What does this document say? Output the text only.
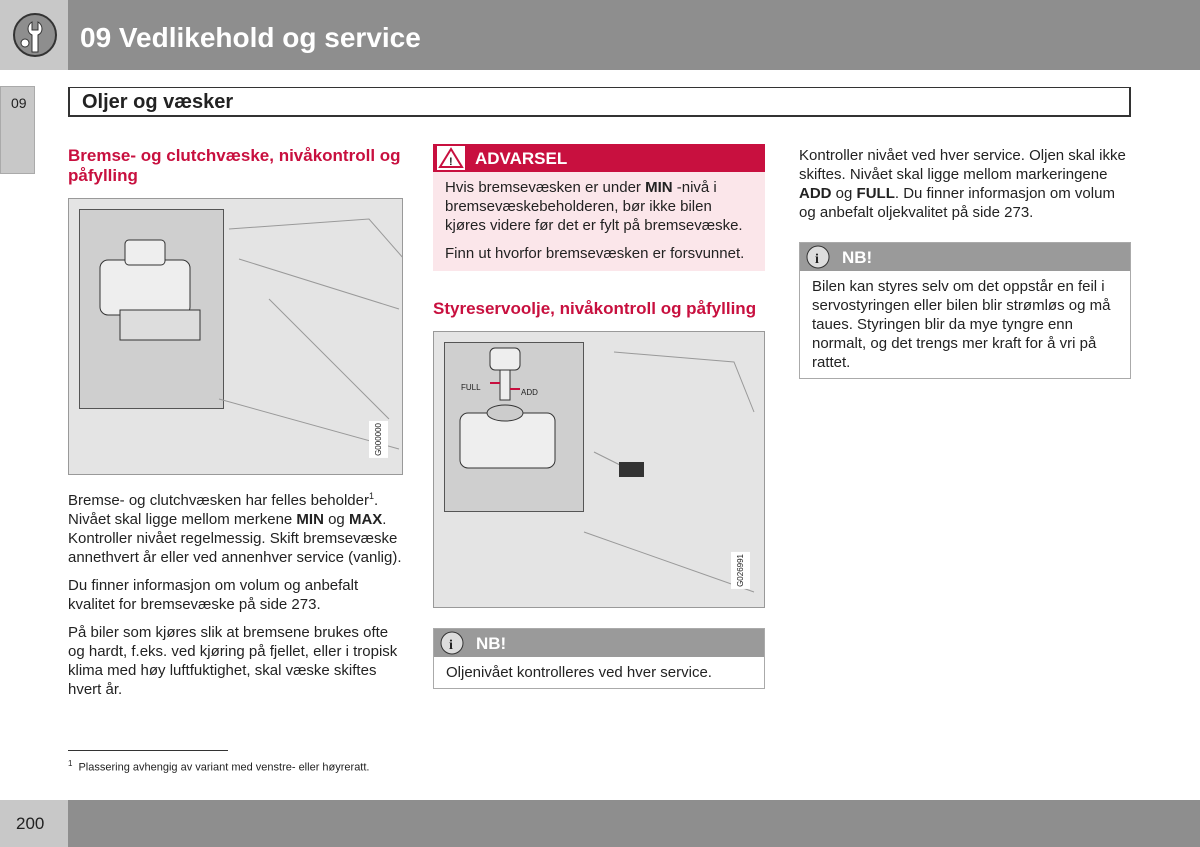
09 Vedlikehold og service
09	Oljer og væsker
Bremse- og clutchvæske, nivåkontroll og påfylling
G000000

Bremse- og clutchvæsken har felles beholder$^1$. Nivået skal ligge mellom merkene MIN og MAX. Kontroller nivået regelmessig. Skift bremsevæske annethvert år eller ved annenhver service (vanlig).

Du finner informasjon om volum og anbefalt kvalitet for bremsevæske på side 273.

På biler som kjøres slik at bremsene brukes ofte og hardt, f.eks. ved kjøring på fjellet, eller i tropisk klima med høy luftfuktighet, skal væske skiftes hvert år.

! ADVARSEL

Hvis bremsevæsken er under MIN -nivå i bremsevæskebeholderen, bør ikke bilen kjøres videre før det er fylt på bremsevæske.

Finn ut hvorfor bremsevæsken er forsvunnet.

Styreservoolje, nivåkontroll og påfylling
FULL
ADD
G026991
i NB!
Oljenivået kontrolleres ved hver service.

Kontroller nivået ved hver service. Oljen skal ikke skiftes. Nivået skal ligge mellom markeringene ADD og FULL. Du finner informasjon om volum og anbefalt oljekvalitet på side 273.

i NB!
Bilen kan styres selv om det oppstår en feil i servostyringen eller bilen blir strømløs og må taues. Styringen blir da mye tyngre enn normalt, og det trengs mer kraft for å vri på rattet.
$^1$ Plassering avhengig av variant med venstre- eller høyreratt.
200
